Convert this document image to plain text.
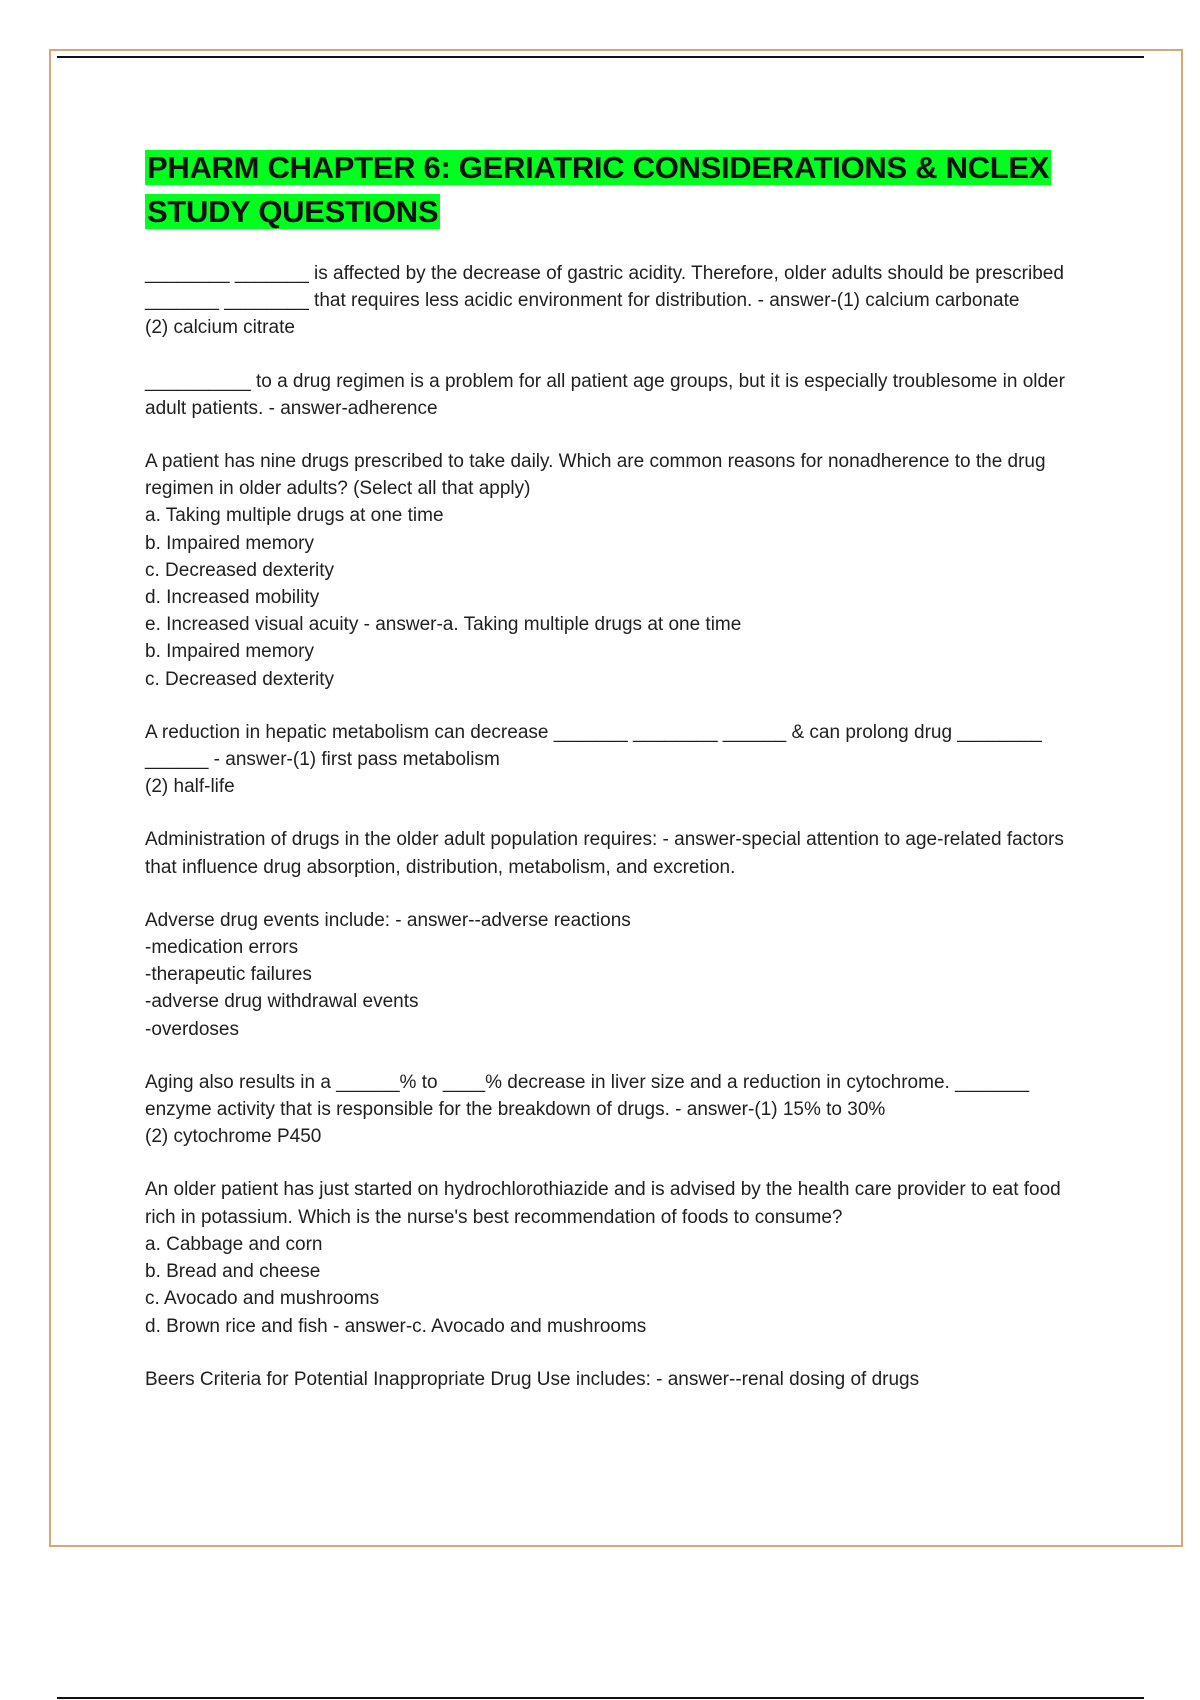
PHARM CHAPTER 6: GERIATRIC CONSIDERATIONS & NCLEX STUDY QUESTIONS

________ _______ is affected by the decrease of gastric acidity. Therefore, older adults should be prescribed _______ ________ that requires less acidic environment for distribution. - answer-(1) calcium carbonate
(2) calcium citrate

__________ to a drug regimen is a problem for all patient age groups, but it is especially troublesome in older adult patients. - answer-adherence

A patient has nine drugs prescribed to take daily. Which are common reasons for nonadherence to the drug regimen in older adults? (Select all that apply)
a. Taking multiple drugs at one time
b. Impaired memory
c. Decreased dexterity
d. Increased mobility
e. Increased visual acuity - answer-a. Taking multiple drugs at one time
b. Impaired memory
c. Decreased dexterity

A reduction in hepatic metabolism can decrease _______ ________ ______ & can prolong drug ________ ______ - answer-(1) first pass metabolism
(2) half-life

Administration of drugs in the older adult population requires: - answer-special attention to age-related factors that influence drug absorption, distribution, metabolism, and excretion.

Adverse drug events include: - answer--adverse reactions
-medication errors
-therapeutic failures
-adverse drug withdrawal events
-overdoses

Aging also results in a ______% to ____% decrease in liver size and a reduction in cytochrome. _______ enzyme activity that is responsible for the breakdown of drugs. - answer-(1) 15% to 30%
(2) cytochrome P450

An older patient has just started on hydrochlorothiazide and is advised by the health care provider to eat food rich in potassium. Which is the nurse's best recommendation of foods to consume?
a. Cabbage and corn
b. Bread and cheese
c. Avocado and mushrooms
d. Brown rice and fish - answer-c. Avocado and mushrooms

Beers Criteria for Potential Inappropriate Drug Use includes: - answer--renal dosing of drugs
